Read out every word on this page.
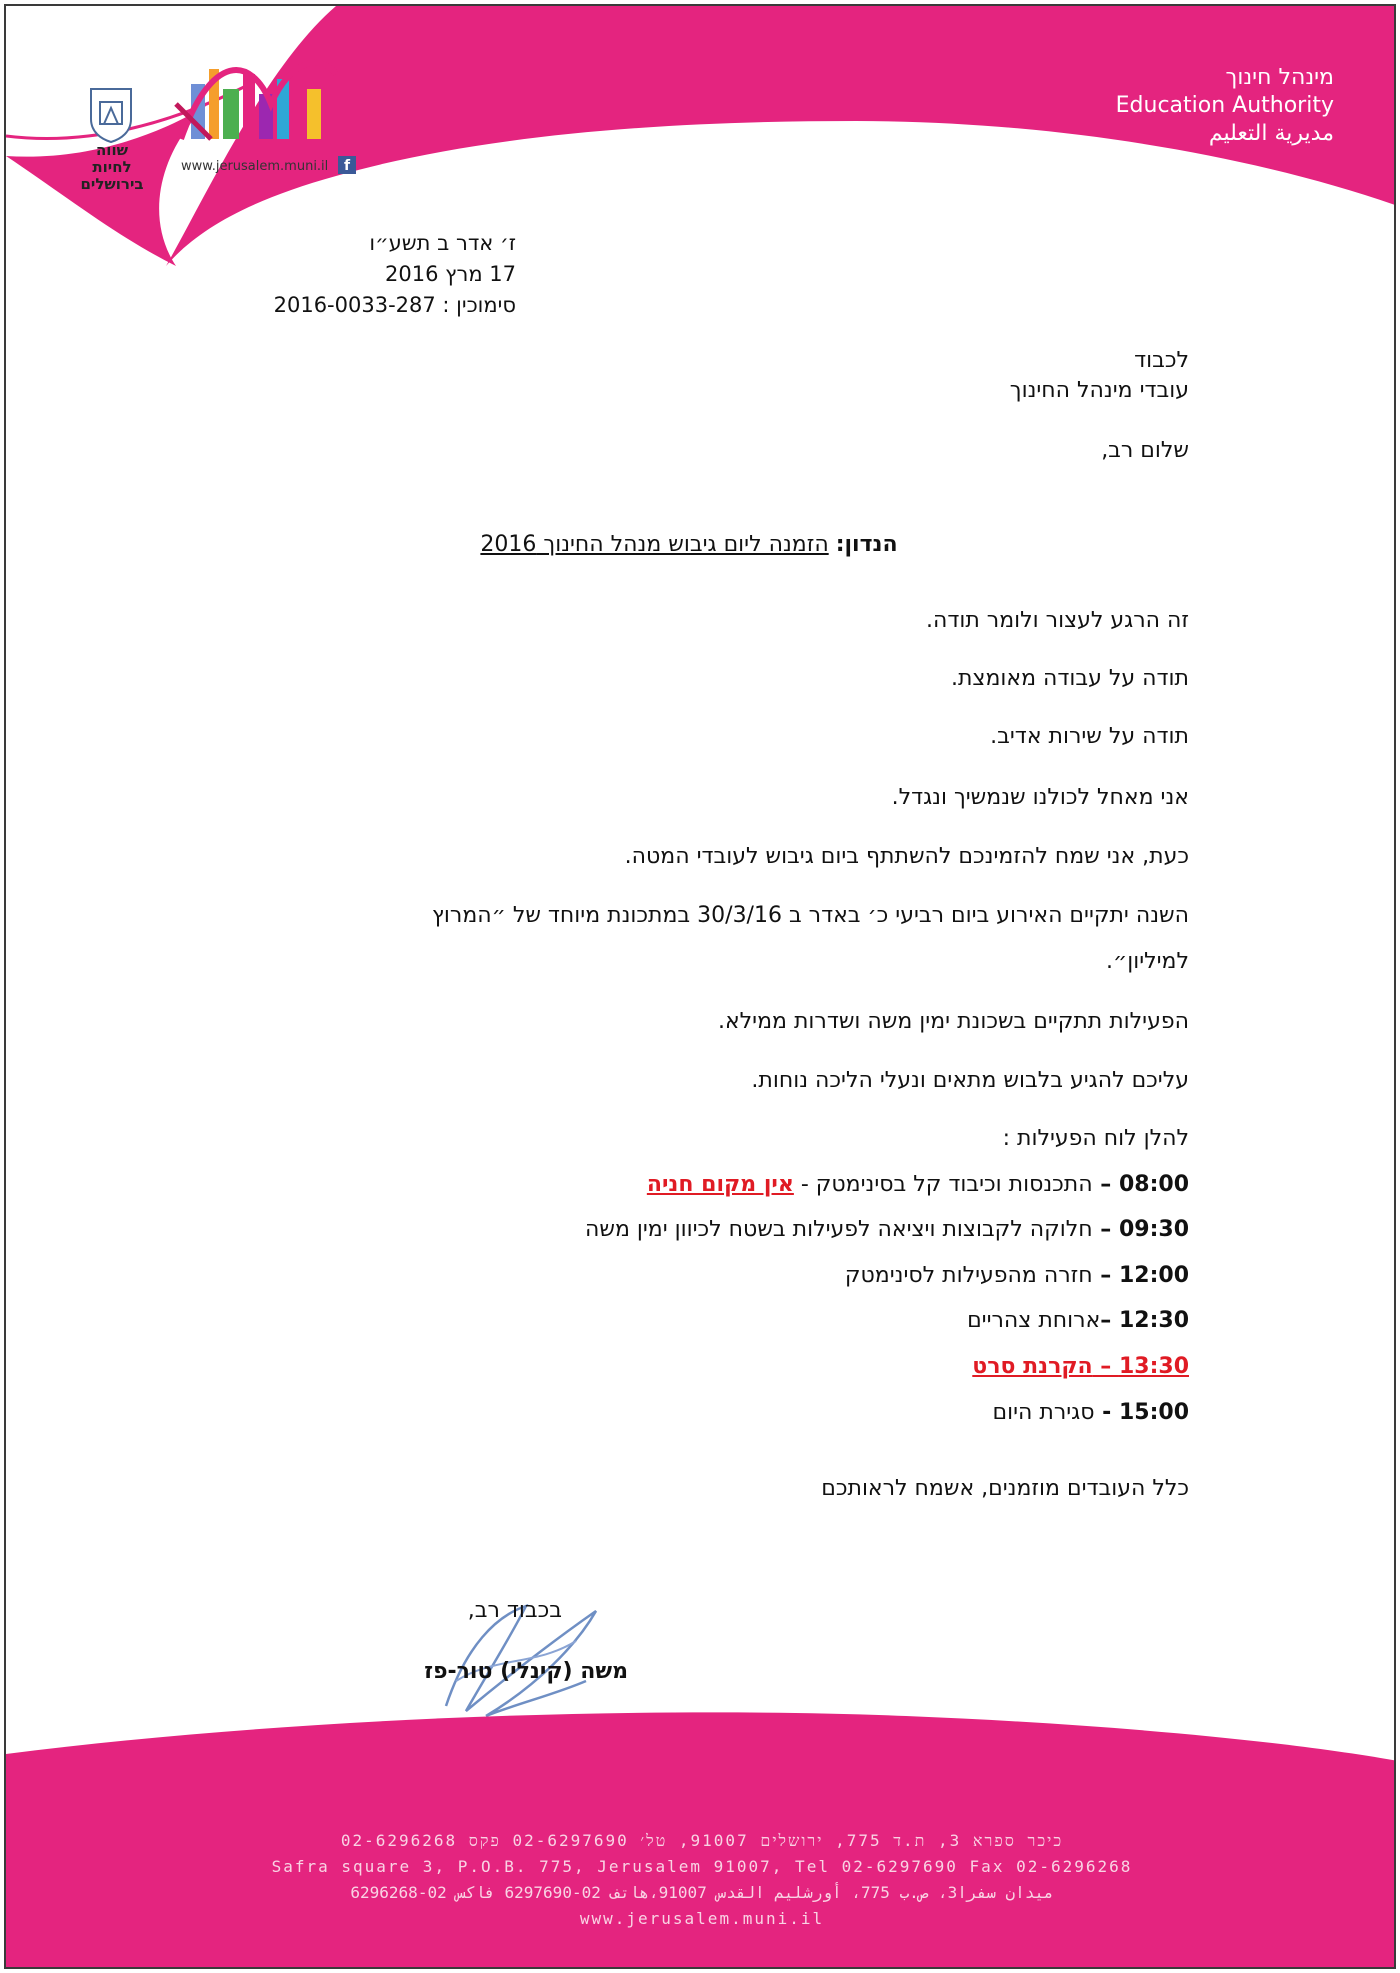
מינהל חינוך
Education Authority
مديرية التعليم
שווה לחיות בירושלים
www.jerusalem.muni.il	f
ז׳ אדר ב תשע״ו
17 מרץ 2016
סימוכין : 2016-0033-287
לכבוד
עובדי מינהל החינוך
שלום רב,
הנדון: הזמנה ליום גיבוש מנהל החינוך 2016
זה הרגע לעצור ולומר תודה.
תודה על עבודה מאומצת.
תודה על שירות אדיב.
אני מאחל לכולנו שנמשיך ונגדל.
כעת, אני שמח להזמינכם להשתתף ביום גיבוש לעובדי המטה.
השנה יתקיים האירוע ביום רביעי כ׳ באדר ב 30/3/16 במתכונת מיוחד של ״המרוץ
למיליון״.
הפעילות תתקיים בשכונת ימין משה ושדרות ממילא.
עליכם להגיע בלבוש מתאים ונעלי הליכה נוחות.
להלן לוח הפעילות :
08:00 – התכנסות וכיבוד קל בסינימטק - אין מקום חניה
09:30 – חלוקה לקבוצות ויציאה לפעילות בשטח לכיוון ימין משה
12:00 – חזרה מהפעילות לסינימטק
12:30 –ארוחת צהריים
13:30 – הקרנת סרט
15:00 - סגירת היום
כלל העובדים מוזמנים, אשמח לראותכם
בכבוד רב,
משה (קינלי) טור-פז
כיכר ספרא 3, ת.ד 775, ירושלים 91007, טל׳ 02-6297690 פקס 02-6296268
Safra square 3, P.O.B. 775, Jerusalem 91007, Tel 02-6297690 Fax 02-6296268
ميدان سفرا3، ص.ب 775، أورشليم القدس 91007،هاتف 02-6297690 فاكس 02-6296268
www.jerusalem.muni.il
